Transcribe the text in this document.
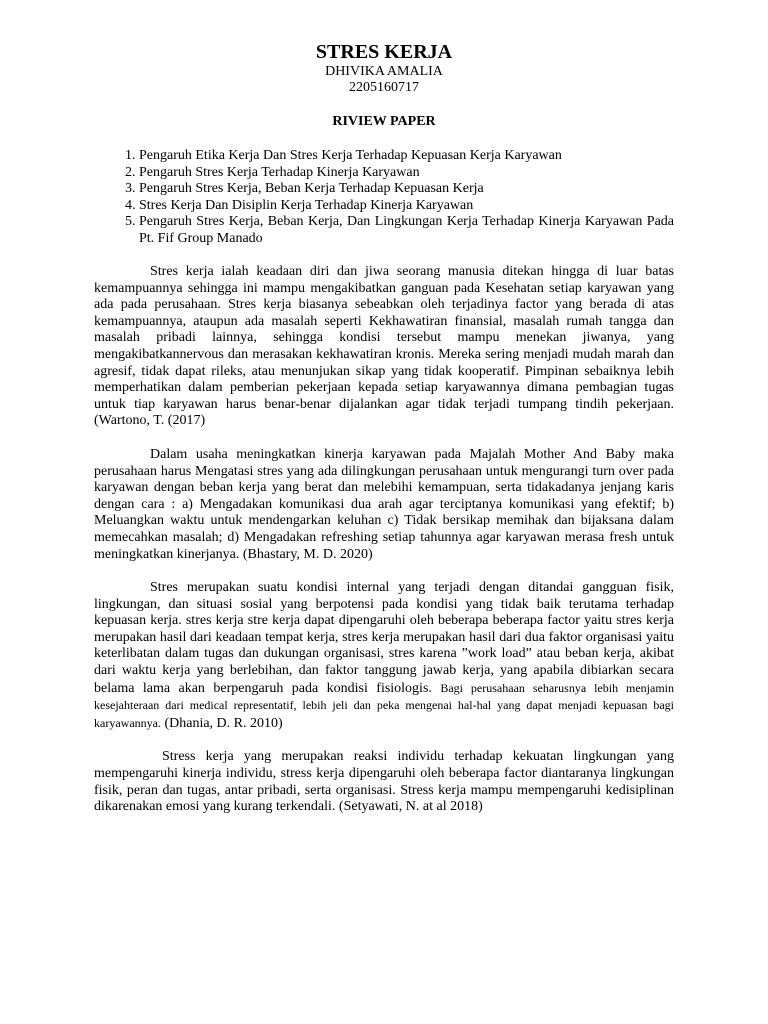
STRES KERJA

DHIVIKA AMALIA

2205160717

RIVIEW PAPER

1. Pengaruh Etika Kerja Dan Stres Kerja Terhadap Kepuasan Kerja Karyawan
2. Pengaruh Stres Kerja Terhadap Kinerja Karyawan
3. Pengaruh Stres Kerja, Beban Kerja Terhadap Kepuasan Kerja
4. Stres Kerja Dan Disiplin Kerja Terhadap Kinerja Karyawan
5. Pengaruh Stres Kerja, Beban Kerja, Dan Lingkungan Kerja Terhadap Kinerja Karyawan Pada Pt. Fif Group Manado

Stres kerja ialah keadaan diri dan jiwa seorang manusia ditekan hingga di luar batas kemampuannya sehingga ini mampu mengakibatkan ganguan pada Kesehatan setiap karyawan yang ada pada perusahaan. Stres kerja biasanya sebeabkan oleh terjadinya factor yang berada di atas kemampuannya, ataupun ada masalah seperti Kekhawatiran finansial, masalah rumah tangga dan masalah pribadi lainnya, sehingga kondisi tersebut mampu menekan jiwanya, yang mengakibatkannervous dan merasakan kekhawatiran kronis. Mereka sering menjadi mudah marah dan agresif, tidak dapat rileks, atau menunjukan sikap yang tidak kooperatif. Pimpinan sebaiknya lebih memperhatikan dalam pemberian pekerjaan kepada setiap karyawannya dimana pembagian tugas untuk tiap karyawan harus benar-benar dijalankan agar tidak terjadi tumpang tindih pekerjaan. (Wartono, T. (2017)

Dalam usaha meningkatkan kinerja karyawan pada Majalah Mother And Baby maka perusahaan harus Mengatasi stres yang ada dilingkungan perusahaan untuk mengurangi turn over pada karyawan dengan beban kerja yang berat dan melebihi kemampuan, serta tidakadanya jenjang karis dengan cara : a) Mengadakan komunikasi dua arah agar terciptanya komunikasi yang efektif; b) Meluangkan waktu untuk mendengarkan keluhan c) Tidak bersikap memihak dan bijaksana dalam memecahkan masalah; d) Mengadakan refreshing setiap tahunnya agar karyawan merasa fresh untuk meningkatkan kinerjanya. (Bhastary, M. D. 2020)

Stres merupakan suatu kondisi internal yang terjadi dengan ditandai gangguan fisik, lingkungan, dan situasi sosial yang berpotensi pada kondisi yang tidak baik terutama terhadap kepuasan kerja. stres kerja stre kerja dapat dipengaruhi oleh beberapa beberapa factor yaitu stres kerja merupakan hasil dari keadaan tempat kerja, stres kerja merupakan hasil dari dua faktor organisasi yaitu keterlibatan dalam tugas dan dukungan organisasi, stres karena ”work load” atau beban kerja, akibat dari waktu kerja yang berlebihan, dan faktor tanggung jawab kerja, yang apabila dibiarkan secara belama lama akan berpengaruh pada kondisi fisiologis. Bagi perusahaan seharusnya lebih menjamin kesejahteraan dari medical representatif, lebih jeli dan peka mengenai hal-hal yang dapat menjadi kepuasan bagi karyawannya. (Dhania, D. R. 2010)

Stress kerja yang merupakan reaksi individu terhadap kekuatan lingkungan yang mempengaruhi kinerja individu, stress kerja dipengaruhi oleh beberapa factor diantaranya lingkungan fisik, peran dan tugas, antar pribadi, serta organisasi. Stress kerja mampu mempengaruhi kedisiplinan dikarenakan emosi yang kurang terkendali. (Setyawati, N. at al 2018)
